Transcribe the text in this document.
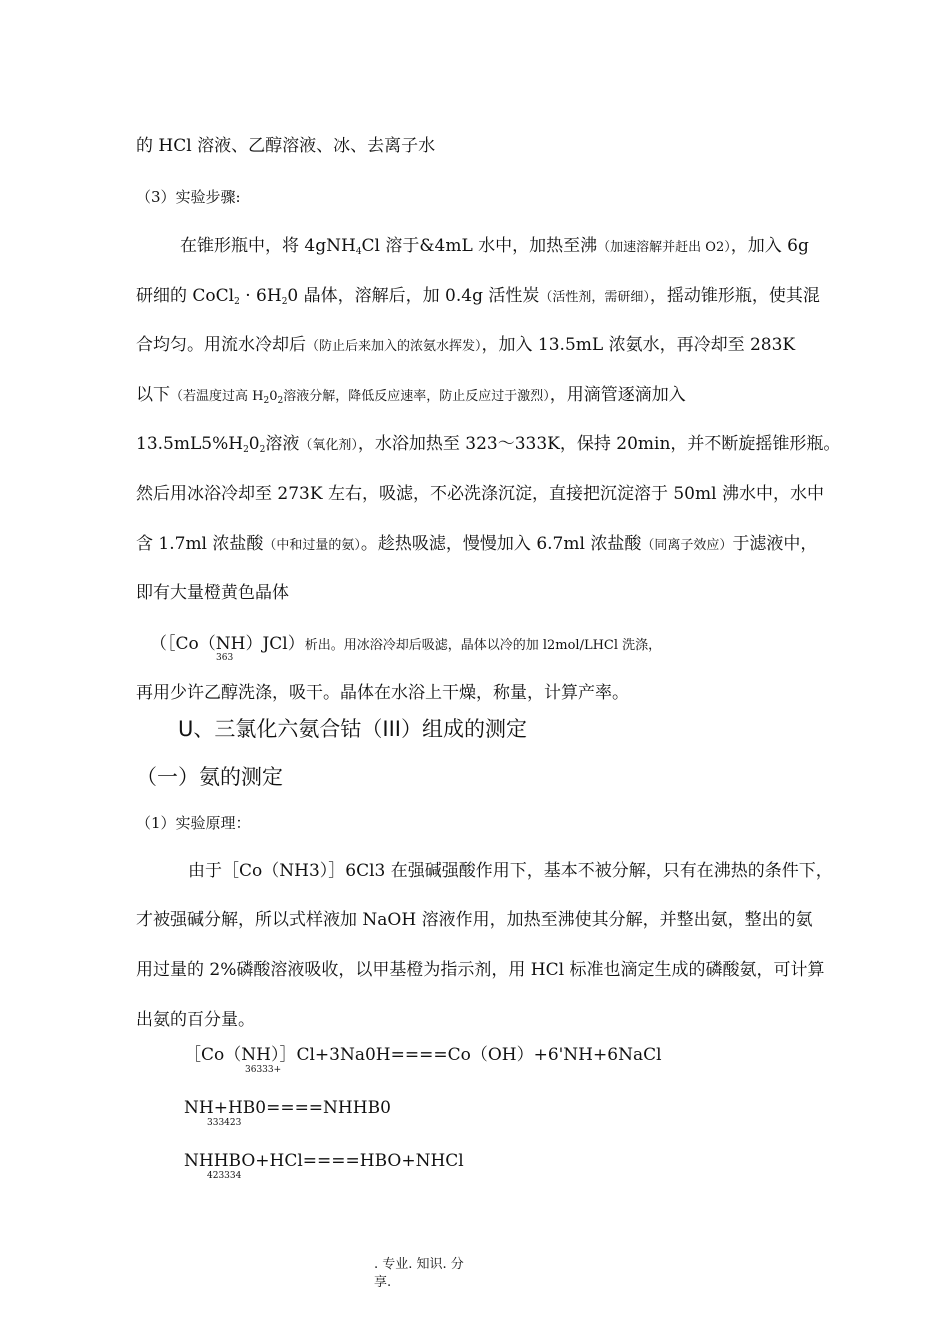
的 HCl 溶液、乙醇溶液、冰、去离子水
（3）实验步骤:
在锥形瓶中，将 4gNH$_4$Cl 溶于&4mL 水中，加热至沸（加速溶解并赶出 O2），加入 6g
研细的 CoCl$_2$ · $6H_20$ 晶体，溶解后，加 0.4g 活性炭（活性剂，需研细），摇动锥形瓶，使其混
合均匀。用流水冷却后（防止后来加入的浓氨水挥发），加入 13.5mL 浓氨水，再冷却至 283K
以下（若温度过高 $H_20_2$溶液分解，降低反应速率，防止反应过于激烈），用滴管逐滴加入
$13.5mL5\%H_20_2$溶液（氧化剂），水浴加热至 323～333K，保持 20min，并不断旋摇锥形瓶。
然后用冰浴冷却至 273K 左右，吸滤，不必洗涤沉淀，直接把沉淀溶于 50ml 沸水中，水中
含 1.7ml 浓盐酸（中和过量的氨）。趁热吸滤，慢慢加入 6.7ml 浓盐酸（同离子效应）于滤液中，
即有大量橙黄色晶体
（［Co（NH）JCl）析出。用冰浴冷却后吸滤，晶体以冷的加 l2mol/LHCl 洗涤，
363
再用少许乙醇洗涤，吸干。晶体在水浴上干燥，称量，计算产率。
U、三氯化六氨合钴（III）组成的测定
（一）氨的测定
（1）实验原理：
由于［Co（NH3）］6Cl3 在强碱强酸作用下，基本不被分解，只有在沸热的条件下，
才被强碱分解，所以式样液加 NaOH 溶液作用，加热至沸使其分解，并整出氨，整出的氨
用过量的 2%磷酸溶液吸收，以甲基橙为指示剂，用 HCl 标准也滴定生成的磷酸氨，可计算
出氨的百分量。
［Co（NH）］Cl+3Na0H====Co（OH）+6'NH+6NaCl
36333+
NH+HB0====NHHB0
333423
NHHBO+HCl====HBO+NHCl
423334
. 专业. 知识. 分
享.
